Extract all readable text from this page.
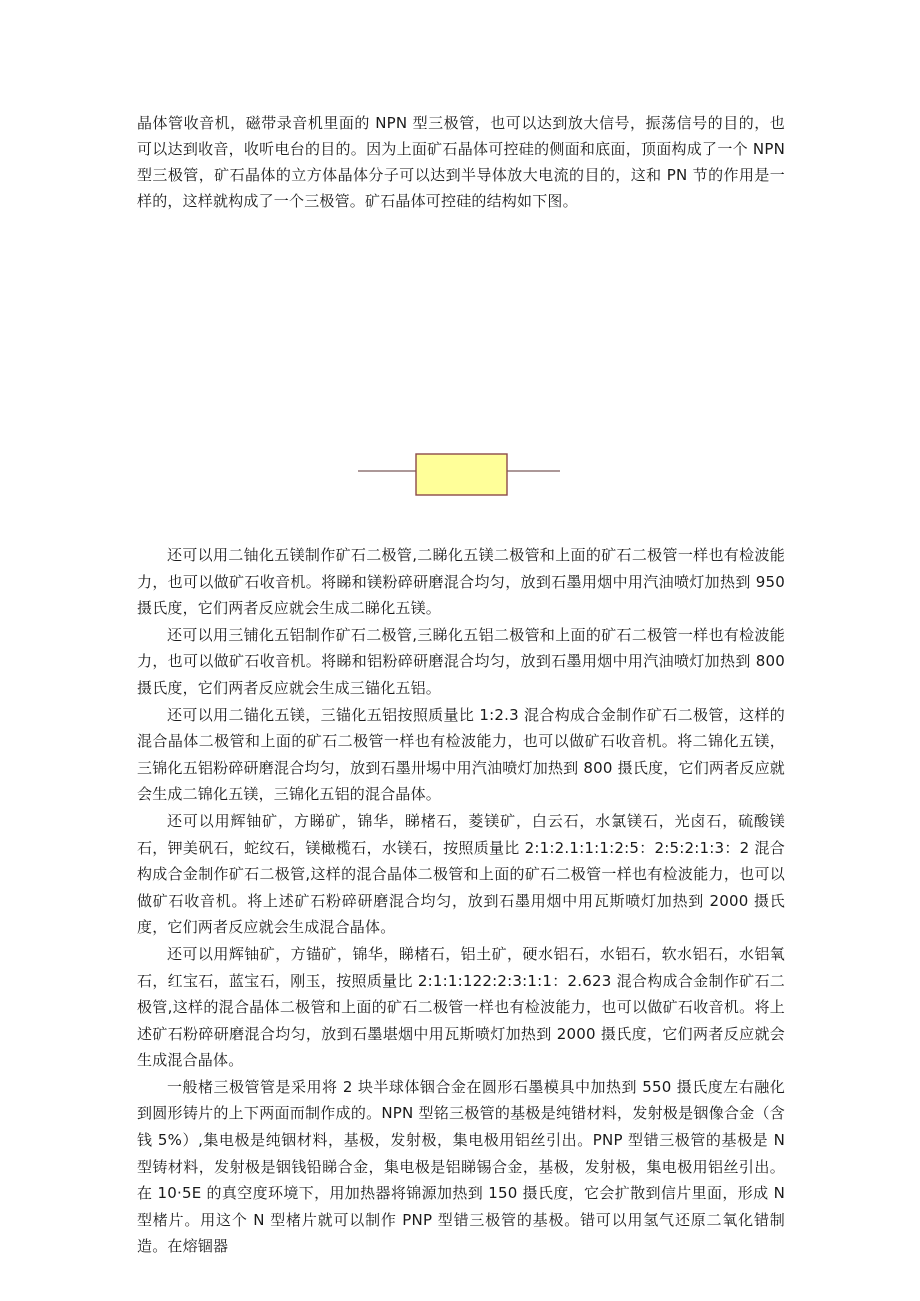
晶体管收音机，磁带录音机里面的 NPN 型三极管，也可以达到放大信号，振荡信号的目的，也可以达到收音，收听电台的目的。因为上面矿石晶体可控硅的侧面和底面，顶面构成了一个 NPN 型三极管，矿石晶体的立方体晶体分子可以达到半导体放大电流的目的，这和 PN 节的作用是一样的，这样就构成了一个三极管。矿石晶体可控硅的结构如下图。

还可以用二铀化五镁制作矿石二极管,二睇化五镁二极管和上面的矿石二极管一样也有检波能力，也可以做矿石收音机。将睇和镁粉碎研磨混合均匀，放到石墨用烟中用汽油喷灯加热到 950 摄氏度，它们两者反应就会生成二睇化五镁。

还可以用三铺化五铝制作矿石二极管,三睇化五铝二极管和上面的矿石二极管一样也有检波能力，也可以做矿石收音机。将睇和铝粉碎研磨混合均匀，放到石墨用烟中用汽油喷灯加热到 800 摄氏度，它们两者反应就会生成三锚化五铝。

还可以用二锚化五镁，三锚化五铝按照质量比 1:2.3 混合构成合金制作矿石二极管，这样的混合晶体二极管和上面的矿石二极管一样也有检波能力，也可以做矿石收音机。将二锦化五镁，三锦化五铝粉碎研磨混合均匀，放到石墨卅埸中用汽油喷灯加热到 800 摄氏度，它们两者反应就会生成二锦化五镁，三锦化五铝的混合晶体。

还可以用辉铀矿，方睇矿，锦华，睇楮石，菱镁矿，白云石，水氯镁石，光卤石，硫酸镁石，钾美矾石，蛇纹石，镁橄榄石，水镁石，按照质量比 2:1:2.1:1:1:2:5：2:5:2:1:3：2 混合构成合金制作矿石二极管,这样的混合晶体二极管和上面的矿石二极管一样也有检波能力，也可以做矿石收音机。将上述矿石粉碎研磨混合均匀，放到石墨用烟中用瓦斯喷灯加热到 2000 摄氏度，它们两者反应就会生成混合晶体。

还可以用辉铀矿，方锚矿，锦华，睇楮石，铝土矿，硬水铝石，水铝石，软水铝石，水铝氧石，红宝石，蓝宝石，刚玉，按照质量比 2:1:1:122:2:3:1:1：2.623 混合构成合金制作矿石二极管,这样的混合晶体二极管和上面的矿石二极管一样也有检波能力，也可以做矿石收音机。将上述矿石粉碎研磨混合均匀，放到石墨堪烟中用瓦斯喷灯加热到 2000 摄氏度，它们两者反应就会生成混合晶体。

一般楮三极管管是采用将 2 块半球体铟合金在圆形石墨模具中加热到 550 摄氏度左右融化到圆形铸片的上下两面而制作成的。NPN 型铭三极管的基极是纯错材料，发射极是铟像合金（含钱 5%）,集电极是纯铟材料，基极，发射极，集电极用铝丝引出。PNP 型错三极管的基极是 N 型铸材料，发射极是铟钱铅睇合金，集电极是铝睇锡合金，基极，发射极，集电极用铝丝引出。在 10·5E 的真空度环境下，用加热器将锦源加热到 150 摄氏度，它会扩散到信片里面，形成 N 型楮片。用这个 N 型楮片就可以制作 PNP 型错三极管的基极。错可以用氢气还原二氧化错制造。在熔锢器
